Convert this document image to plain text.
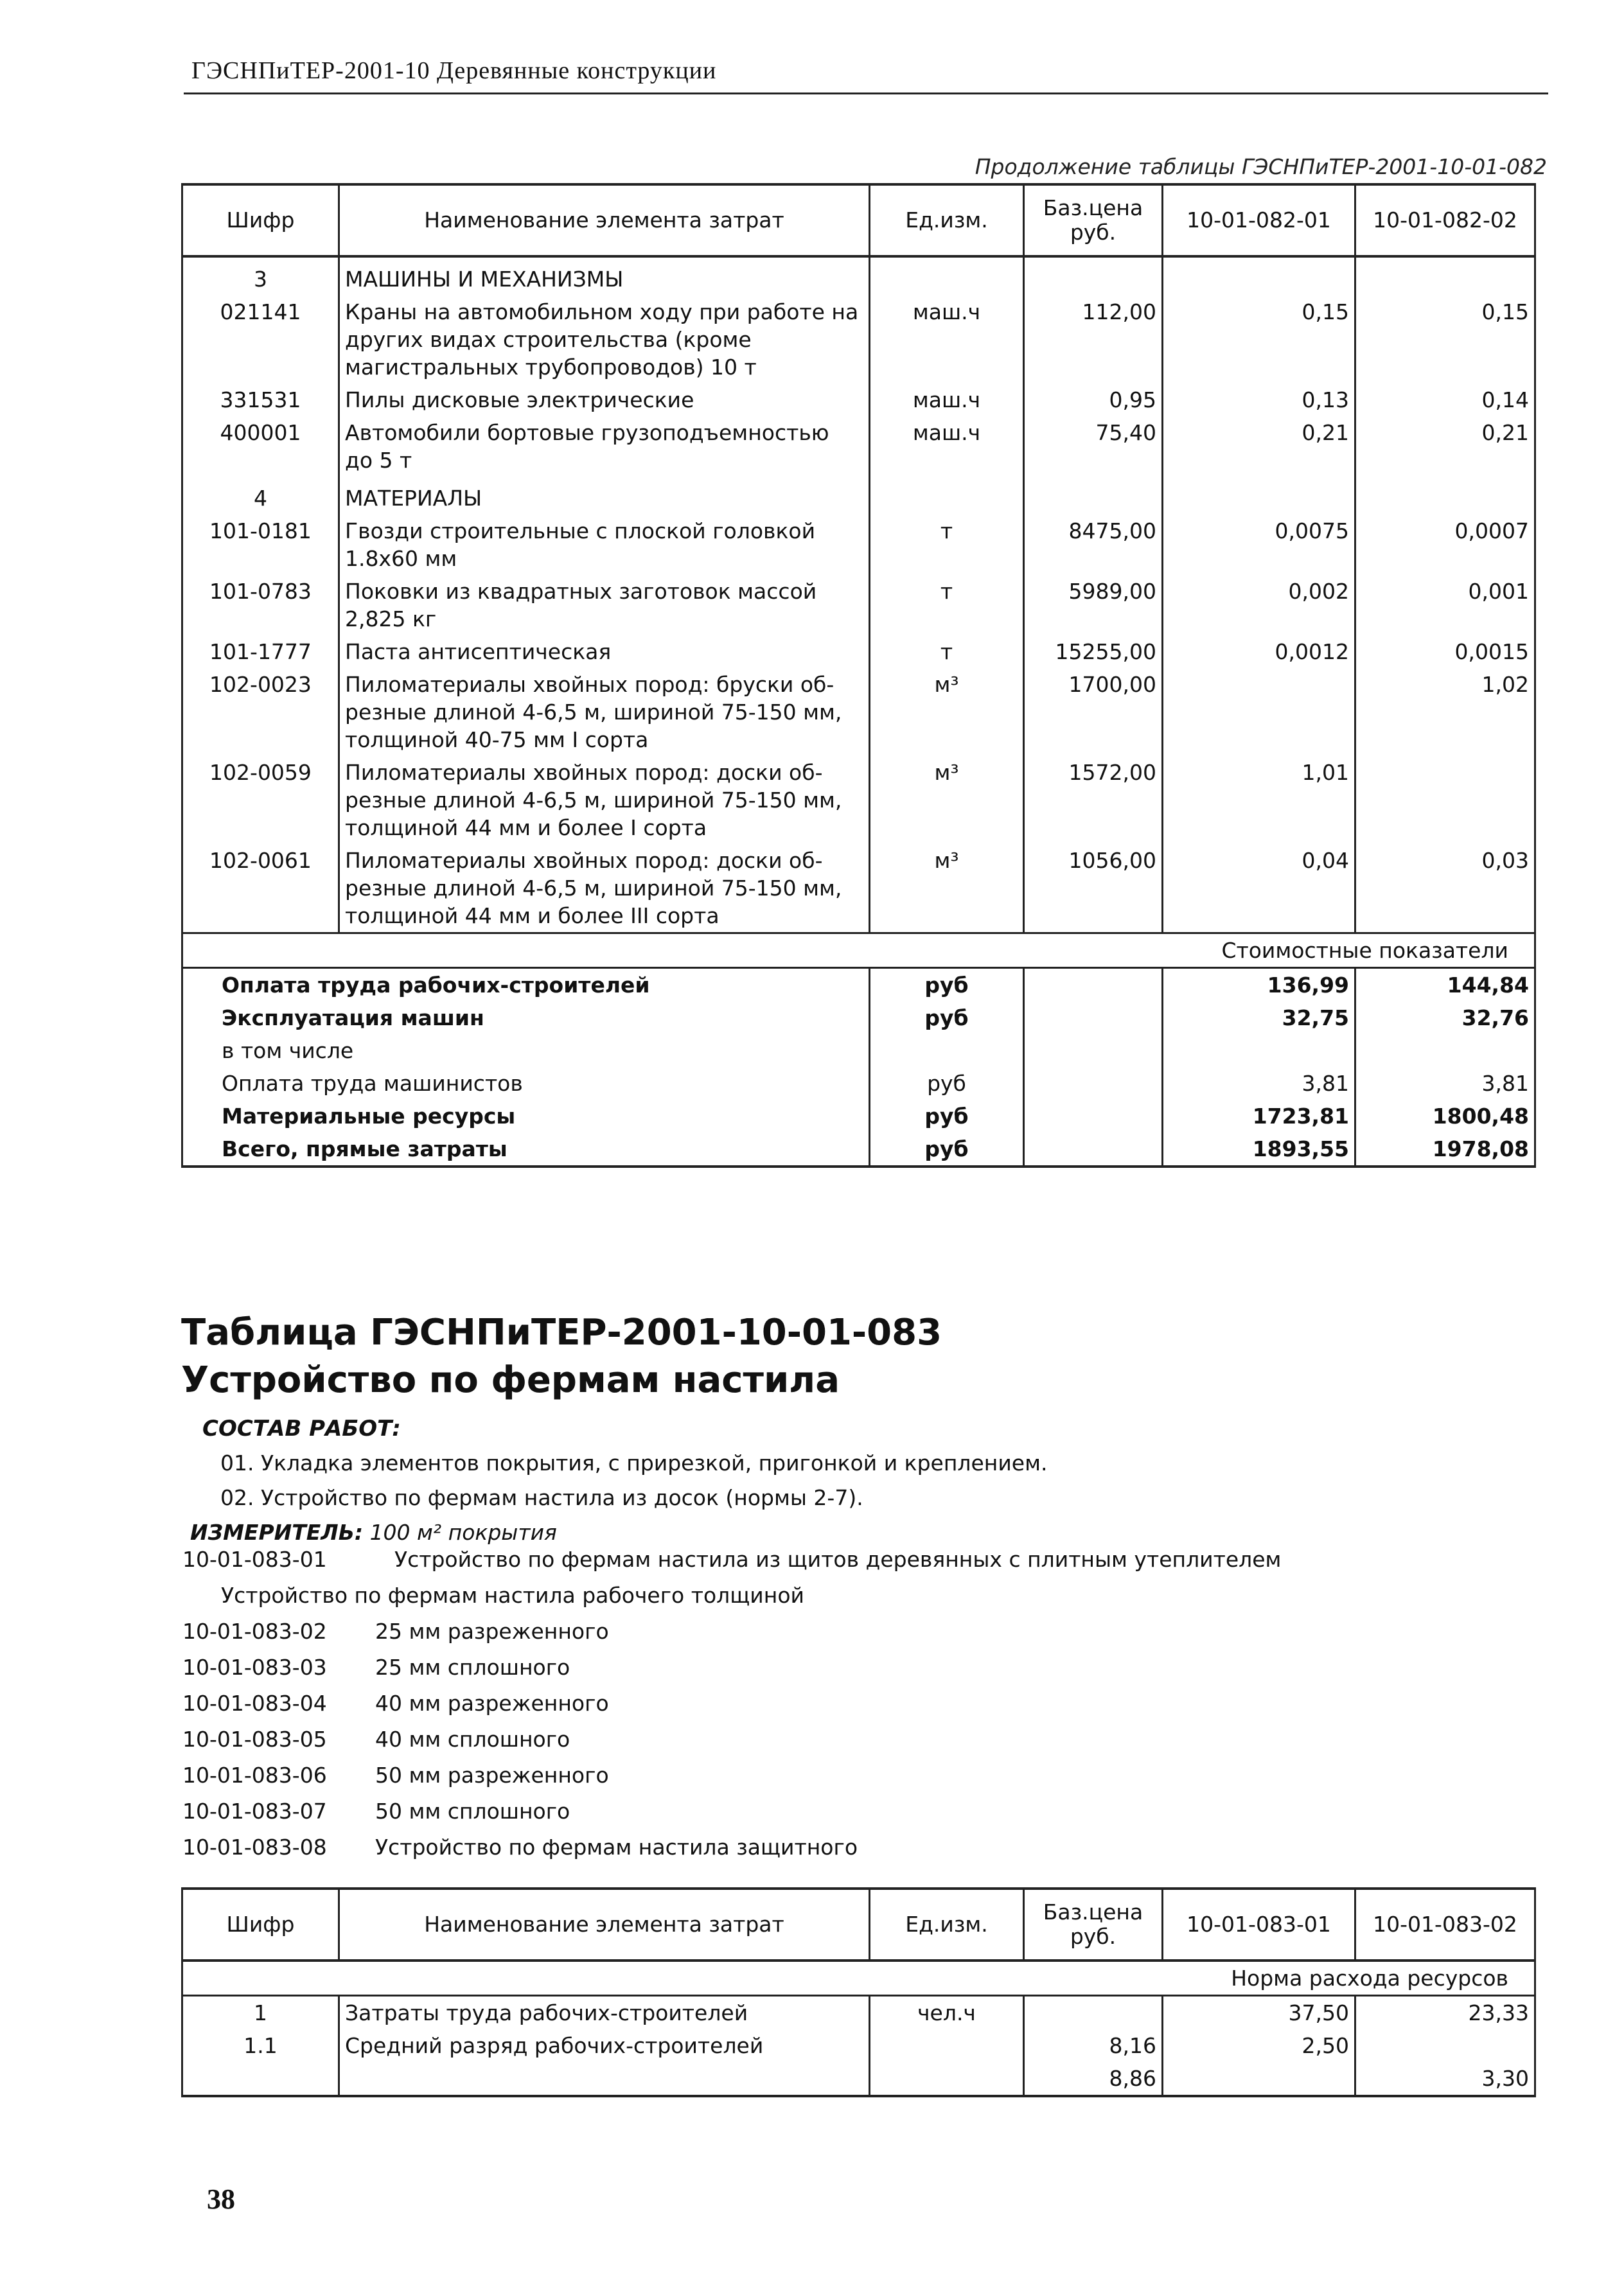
ГЭСНПиТЕР-2001-10 Деревянные конструкции
Продолжение таблицы ГЭСНПиТЕР-2001-10-01-082
Шифр	Наименование элемента затрат	Ед.изм.	Баз.цена руб.	10-01-082-01	10-01-082-02
3	МАШИНЫ И МЕХАНИЗМЫ				
021141	Краны на автомобильном ходу при работе на других видах строительства (кроме магистральных трубопроводов) 10 т	маш.ч	112,00	0,15	0,15
331531	Пилы дисковые электрические	маш.ч	0,95	0,13	0,14
400001	Автомобили бортовые грузоподъемностью до 5 т	маш.ч	75,40	0,21	0,21
4	МАТЕРИАЛЫ				
101-0181	Гвозди строительные с плоской головкой 1.8x60 мм	т	8475,00	0,0075	0,0007
101-0783	Поковки из квадратных заготовок массой 2,825 кг	т	5989,00	0,002	0,001
101-1777	Паста антисептическая	т	15255,00	0,0012	0,0015
102-0023	Пиломатериалы хвойных пород: бруски об-резные длиной 4-6,5 м, шириной 75-150 мм, толщиной 40-75 мм I сорта	м³	1700,00		1,02
102-0059	Пиломатериалы хвойных пород: доски об-резные длиной 4-6,5 м, шириной 75-150 мм, толщиной 44 мм и более I сорта	м³	1572,00	1,01	
102-0061	Пиломатериалы хвойных пород: доски об-резные длиной 4-6,5 м, шириной 75-150 мм, толщиной 44 мм и более III сорта	м³	1056,00	0,04	0,03
Стоимостные показатели					
Оплата труда рабочих-строителей		руб		136,99	144,84
Эксплуатация машин		руб		32,75	32,76
в том числе					
Оплата труда машинистов		руб		3,81	3,81
Материальные ресурсы		руб		1723,81	1800,48
Всего, прямые затраты		руб		1893,55	1978,08
Таблица ГЭСНПиТЕР-2001-10-01-083
Устройство по фермам настила
СОСТАВ РАБОТ:
01. Укладка элементов покрытия, с прирезкой, пригонкой и креплением.
02. Устройство по фермам настила из досок (нормы 2-7).
ИЗМЕРИТЕЛЬ: 100 м² покрытия
10-01-083-01	Устройство по фермам настила из щитов деревянных с плитным утеплителем
Устройство по фермам настила рабочего толщиной
10-01-083-02 25 мм разреженного
10-01-083-03 25 мм сплошного
10-01-083-04 40 мм разреженного
10-01-083-05 40 мм сплошного
10-01-083-06 50 мм разреженного
10-01-083-07 50 мм сплошного
10-01-083-08 Устройство по фермам настила защитного
Шифр	Наименование элемента затрат	Ед.изм.	Баз.цена руб.	10-01-083-01	10-01-083-02
Норма расхода ресурсов					
1	Затраты труда рабочих-строителей	чел.ч		37,50	23,33
1.1	Средний разряд рабочих-строителей		8,16	2,50	
			8,86		3,30
38
